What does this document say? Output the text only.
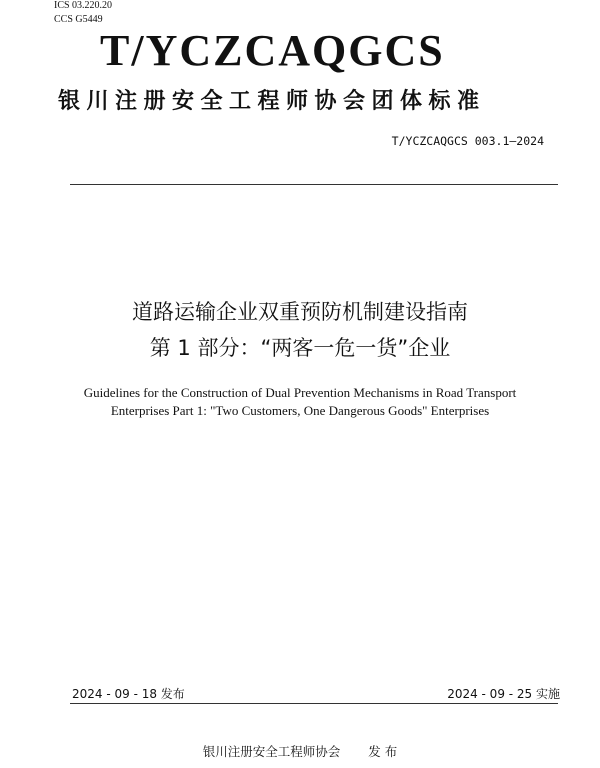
ICS 03.220.20

CCS G5449

T/YCZCAQGCS
银川注册安全工程师协会团体标准
T/YCZCAQGCS 003.1—2024
道路运输企业双重预防机制建设指南
第 1 部分：“两客一危一货”企业
Guidelines for the Construction of Dual Prevention Mechanisms in Road Transport
Enterprises Part 1: "Two Customers, One Dangerous Goods" Enterprises
2024 - 09 - 18 发布	2024 - 09 - 25 实施
银川注册安全工程师协会 发 布
